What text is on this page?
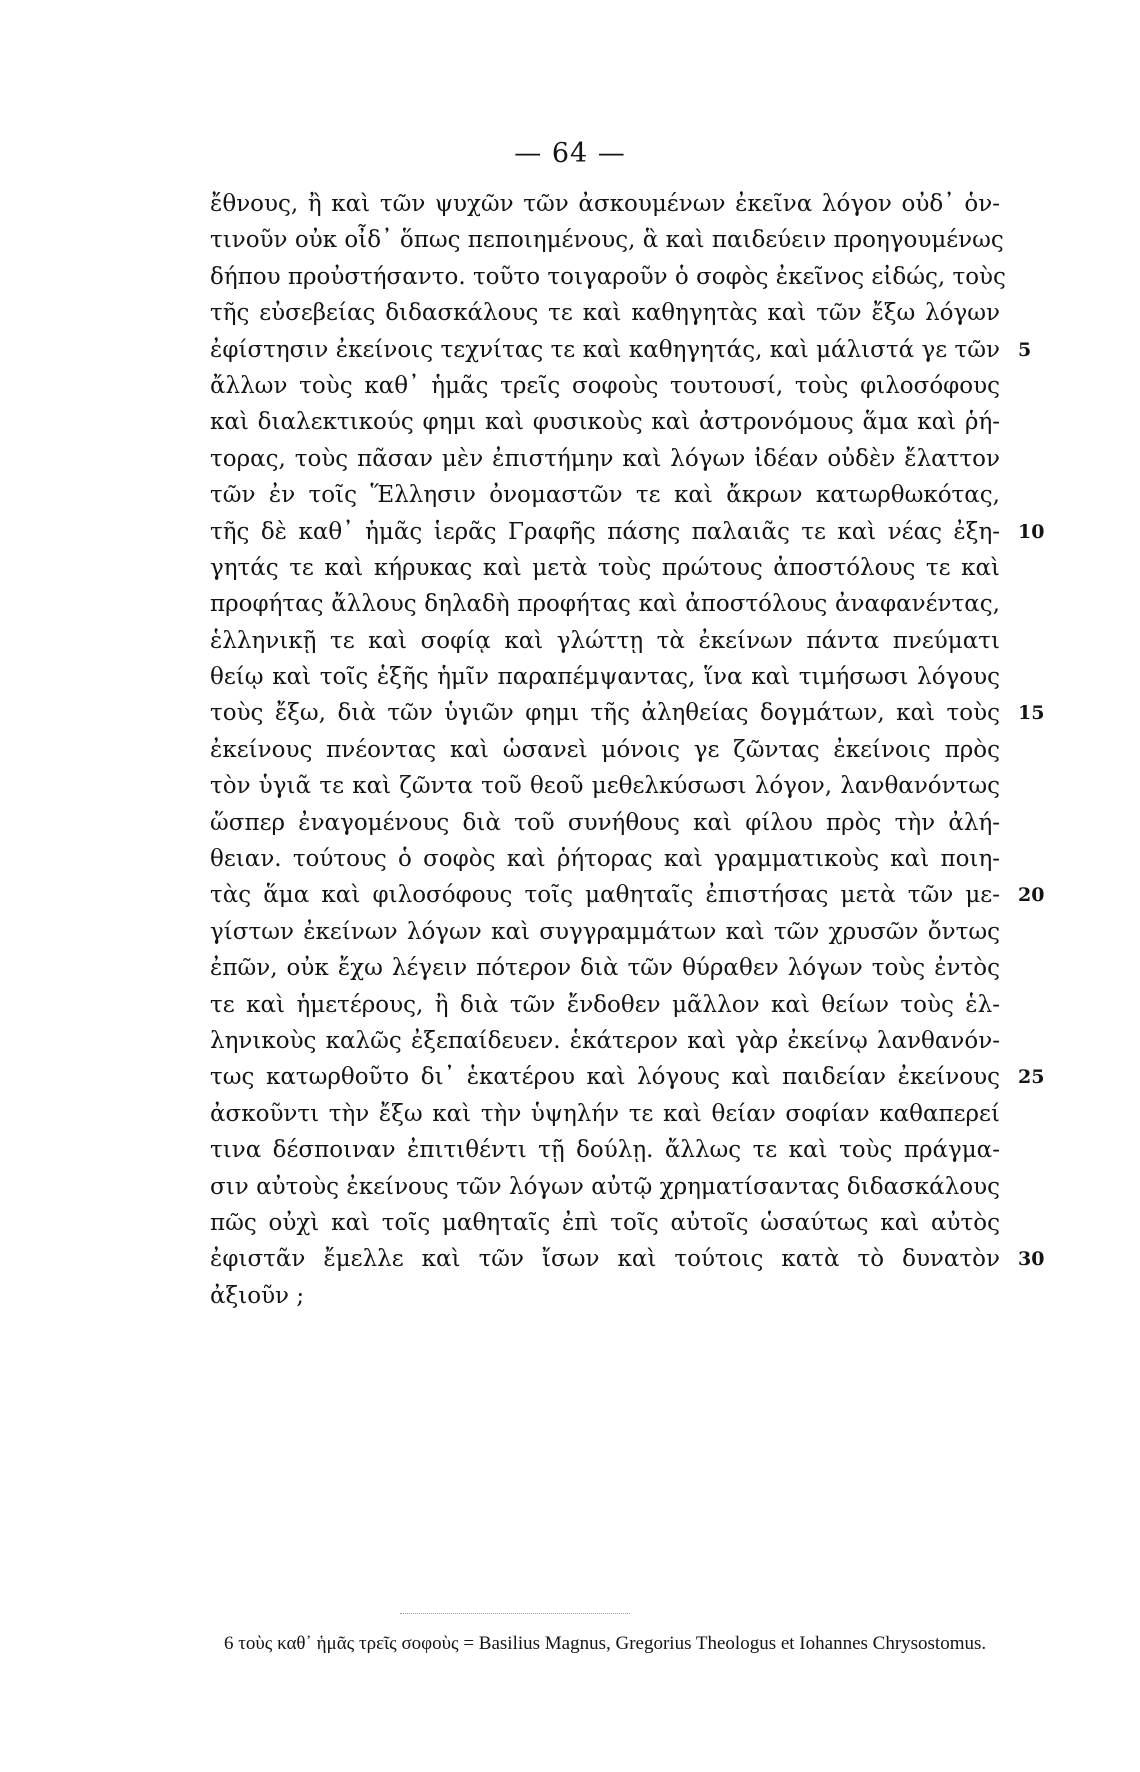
— 64 —
ἔθνους, ἢ καὶ τῶν ψυχῶν τῶν ἀσκουμένων ἐκεῖνα λόγον οὐδ᾽ ὁν-
τινοῦν οὐκ οἶδ᾽ ὅπως πεποιημένους, ἃ καὶ παιδεύειν προηγουμένως
δήπου προὐστήσαντο. τοῦτο τοιγαροῦν ὁ σοφὸς ἐκεῖνος εἰδώς, τοὺς
τῆς εὐσεβείας διδασκάλους τε καὶ καθηγητὰς καὶ τῶν ἔξω λόγων
ἐφίστησιν ἐκείνοις τεχνίτας τε καὶ καθηγητάς, καὶ μάλιστά γε τῶν 5
ἄλλων τοὺς καθ᾽ ἡμᾶς τρεῖς σοφοὺς τουτουσί, τοὺς φιλοσόφους
καὶ διαλεκτικούς φημι καὶ φυσικοὺς καὶ ἀστρονόμους ἅμα καὶ ῥή-
τορας, τοὺς πᾶσαν μὲν ἐπιστήμην καὶ λόγων ἰδέαν οὐδὲν ἔλαττον
τῶν ἐν τοῖς Ἕλλησιν ὀνομαστῶν τε καὶ ἄκρων κατωρθωκότας,
τῆς δὲ καθ᾽ ἡμᾶς ἱερᾶς Γραφῆς πάσης παλαιᾶς τε καὶ νέας ἐξη- 10
γητάς τε καὶ κήρυκας καὶ μετὰ τοὺς πρώτους ἀποστόλους τε καὶ
προφήτας ἄλλους δηλαδὴ προφήτας καὶ ἀποστόλους ἀναφανέντας,
ἑλληνικῇ τε καὶ σοφίᾳ καὶ γλώττῃ τὰ ἐκείνων πάντα πνεύματι
θείῳ καὶ τοῖς ἑξῆς ἡμῖν παραπέμψαντας, ἵνα καὶ τιμήσωσι λόγους
τοὺς ἔξω, διὰ τῶν ὑγιῶν φημι τῆς ἀληθείας δογμάτων, καὶ τοὺς 15
ἐκείνους πνέοντας καὶ ὡσανεὶ μόνοις γε ζῶντας ἐκείνοις πρὸς
τὸν ὑγιᾶ τε καὶ ζῶντα τοῦ θεοῦ μεθελκύσωσι λόγον, λανθανόντως
ὥσπερ ἐναγομένους διὰ τοῦ συνήθους καὶ φίλου πρὸς τὴν ἀλή-
θειαν. τούτους ὁ σοφὸς καὶ ῥήτορας καὶ γραμματικοὺς καὶ ποιη-
τὰς ἅμα καὶ φιλοσόφους τοῖς μαθηταῖς ἐπιστήσας μετὰ τῶν με- 20
γίστων ἐκείνων λόγων καὶ συγγραμμάτων καὶ τῶν χρυσῶν ὄντως
ἐπῶν, οὐκ ἔχω λέγειν πότερον διὰ τῶν θύραθεν λόγων τοὺς ἐντὸς
τε καὶ ἡμετέρους, ἢ διὰ τῶν ἔνδοθεν μᾶλλον καὶ θείων τοὺς ἑλ-
ληνικοὺς καλῶς ἐξεπαίδευεν. ἑκάτερον καὶ γὰρ ἐκείνῳ λανθανόν-
τως κατωρθοῦτο δι᾽ ἑκατέρου καὶ λόγους καὶ παιδείαν ἐκείνους 25
ἀσκοῦντι τὴν ἔξω καὶ τὴν ὑψηλήν τε καὶ θείαν σοφίαν καθαπερεί
τινα δέσποιναν ἐπιτιθέντι τῇ δούλῃ. ἄλλως τε καὶ τοὺς πράγμα-
σιν αὐτοὺς ἐκείνους τῶν λόγων αὐτῷ χρηματίσαντας διδασκάλους
πῶς οὐχὶ καὶ τοῖς μαθηταῖς ἐπὶ τοῖς αὐτοῖς ὡσαύτως καὶ αὐτὸς
ἐφιστᾶν ἔμελλε καὶ τῶν ἴσων καὶ τούτοις κατὰ τὸ δυνατὸν 30
ἀξιοῦν ;
6 τοὺς καθ᾽ ἡμᾶς τρεῖς σοφοὺς = Basilius Magnus, Gregorius Theologus et Iohannes Chrysostomus.
